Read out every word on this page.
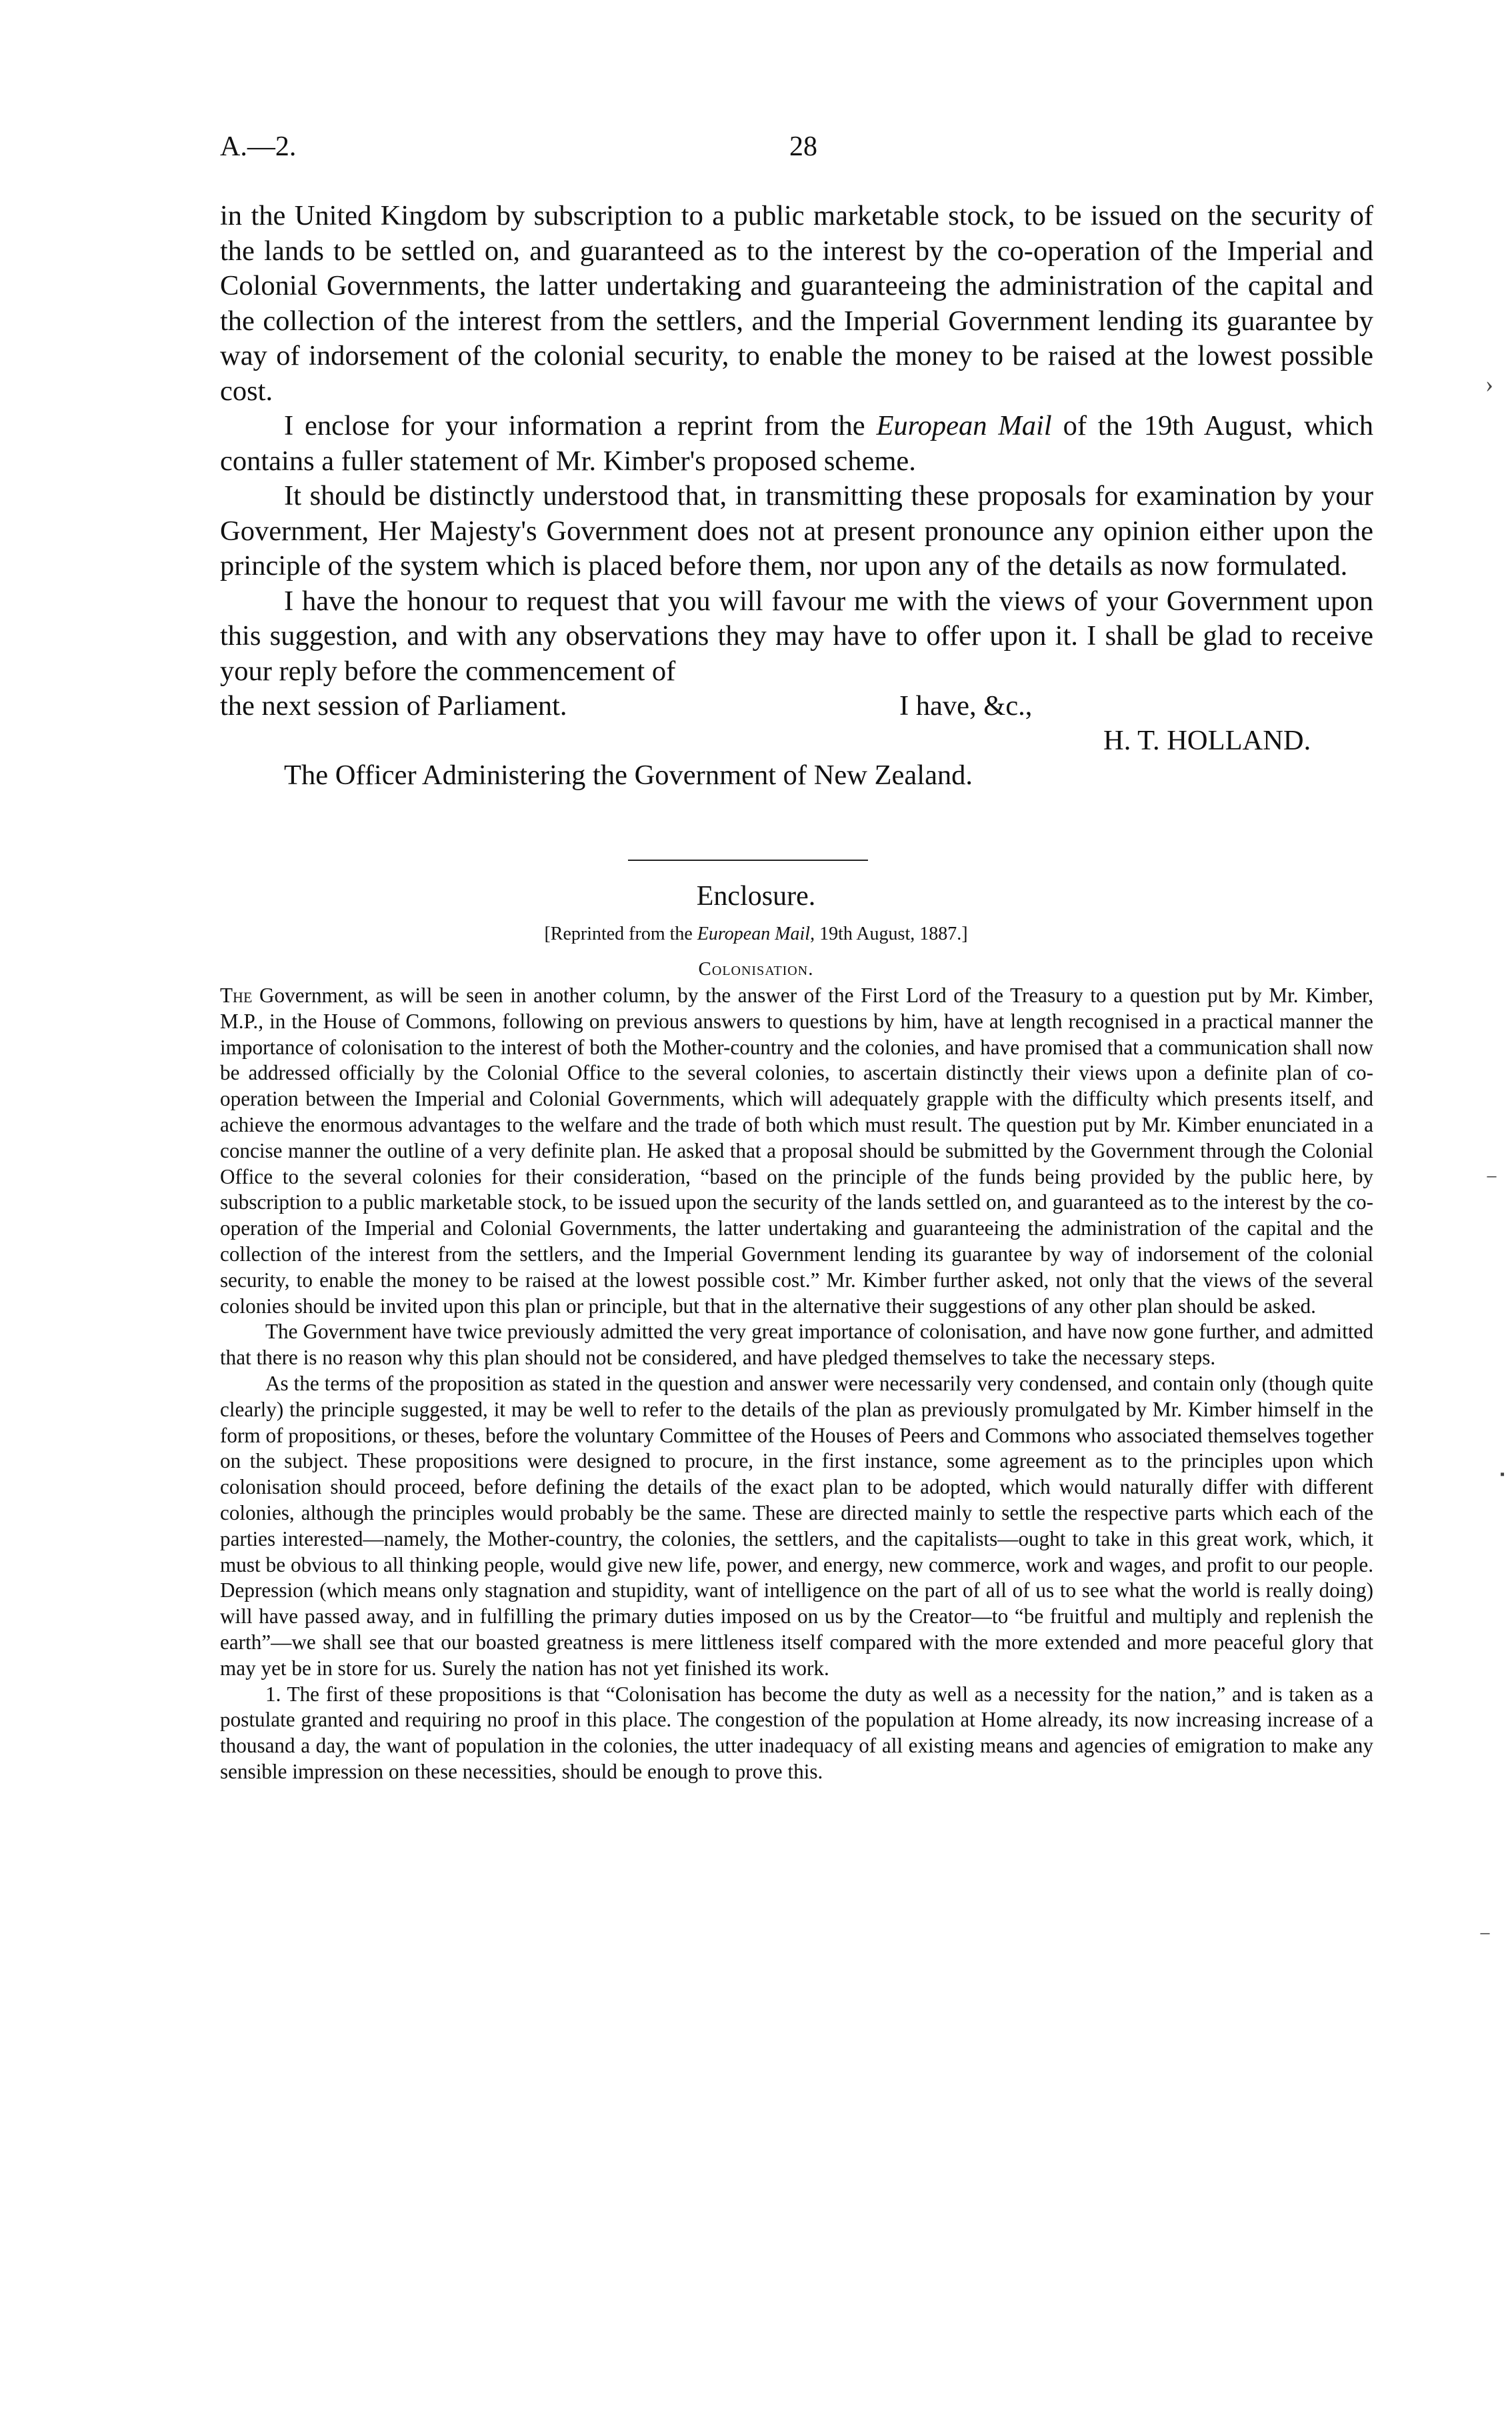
A.—2.	28

in the United Kingdom by subscription to a public marketable stock, to be issued on the security of the lands to be settled on, and guaranteed as to the interest by the co-operation of the Imperial and Colonial Governments, the latter undertaking and guaranteeing the administration of the capital and the collection of the interest from the settlers, and the Imperial Government lending its guarantee by way of indorsement of the colonial security, to enable the money to be raised at the lowest possible cost.

I enclose for your information a reprint from the European Mail of the 19th August, which contains a fuller statement of Mr. Kimber's proposed scheme.

It should be distinctly understood that, in transmitting these proposals for examination by your Government, Her Majesty's Government does not at present pronounce any opinion either upon the principle of the system which is placed before them, nor upon any of the details as now formulated.

I have the honour to request that you will favour me with the views of your Government upon this suggestion, and with any observations they may have to offer upon it. I shall be glad to receive your reply before the commencement of

the next session of Parliament.	I have, &c.,

H. T. HOLLAND.

The Officer Administering the Government of New Zealand.

Enclosure.
[Reprinted from the European Mail, 19th August, 1887.]
Colonisation.

The Government, as will be seen in another column, by the answer of the First Lord of the Treasury to a question put by Mr. Kimber, M.P., in the House of Commons, following on previous answers to questions by him, have at length recognised in a practical manner the importance of colonisation to the interest of both the Mother-country and the colonies, and have promised that a communication shall now be addressed officially by the Colonial Office to the several colonies, to ascertain distinctly their views upon a definite plan of co-operation between the Imperial and Colonial Governments, which will adequately grapple with the difficulty which presents itself, and achieve the enormous advantages to the welfare and the trade of both which must result. The question put by Mr. Kimber enunciated in a concise manner the outline of a very definite plan. He asked that a proposal should be submitted by the Government through the Colonial Office to the several colonies for their consideration, “based on the principle of the funds being provided by the public here, by subscription to a public marketable stock, to be issued upon the security of the lands settled on, and guaranteed as to the interest by the co-operation of the Imperial and Colonial Governments, the latter undertaking and guaranteeing the administration of the capital and the collection of the interest from the settlers, and the Imperial Government lending its guarantee by way of indorsement of the colonial security, to enable the money to be raised at the lowest possible cost.” Mr. Kimber further asked, not only that the views of the several colonies should be invited upon this plan or principle, but that in the alternative their suggestions of any other plan should be asked.

The Government have twice previously admitted the very great importance of colonisation, and have now gone further, and admitted that there is no reason why this plan should not be considered, and have pledged themselves to take the necessary steps.

As the terms of the proposition as stated in the question and answer were necessarily very condensed, and contain only (though quite clearly) the principle suggested, it may be well to refer to the details of the plan as previously promulgated by Mr. Kimber himself in the form of propositions, or theses, before the voluntary Committee of the Houses of Peers and Commons who associated themselves together on the subject. These propositions were designed to procure, in the first instance, some agreement as to the principles upon which colonisation should proceed, before defining the details of the exact plan to be adopted, which would naturally differ with different colonies, although the principles would probably be the same. These are directed mainly to settle the respective parts which each of the parties interested—namely, the Mother-country, the colonies, the settlers, and the capitalists—ought to take in this great work, which, it must be obvious to all thinking people, would give new life, power, and energy, new commerce, work and wages, and profit to our people. Depression (which means only stagnation and stupidity, want of intelligence on the part of all of us to see what the world is really doing) will have passed away, and in fulfilling the primary duties imposed on us by the Creator—to “be fruitful and multiply and replenish the earth”—we shall see that our boasted greatness is mere littleness itself compared with the more extended and more peaceful glory that may yet be in store for us. Surely the nation has not yet finished its work.

1. The first of these propositions is that “Colonisation has become the duty as well as a necessity for the nation,” and is taken as a postulate granted and requiring no proof in this place. The congestion of the population at Home already, its now increasing increase of a thousand a day, the want of population in the colonies, the utter inadequacy of all existing means and agencies of emigration to make any sensible impression on these necessities, should be enough to prove this.

›
⁻
▪
⁻
